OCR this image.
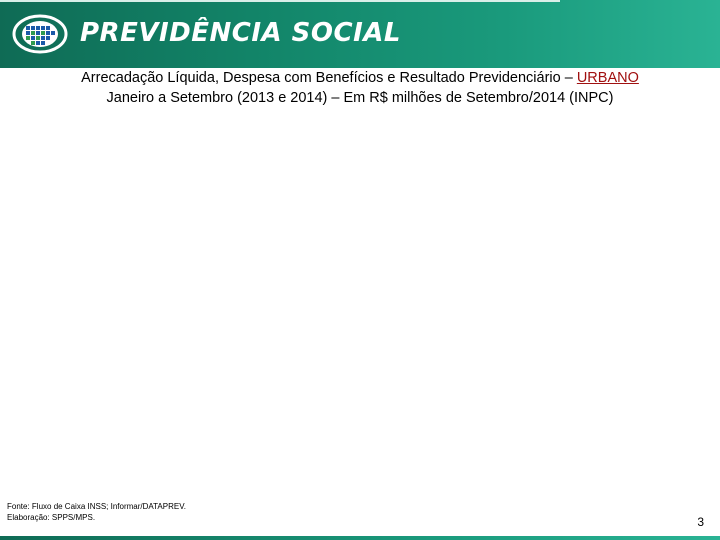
PREVIDÊNCIA SOCIAL
Arrecadação Líquida, Despesa com Benefícios e Resultado Previdenciário – URBANO
Janeiro a Setembro (2013 e 2014) – Em R$ milhões de Setembro/2014 (INPC)
Fonte: Fluxo de Caixa INSS; Informar/DATAPREV.
Elaboração: SPPS/MPS.	3
